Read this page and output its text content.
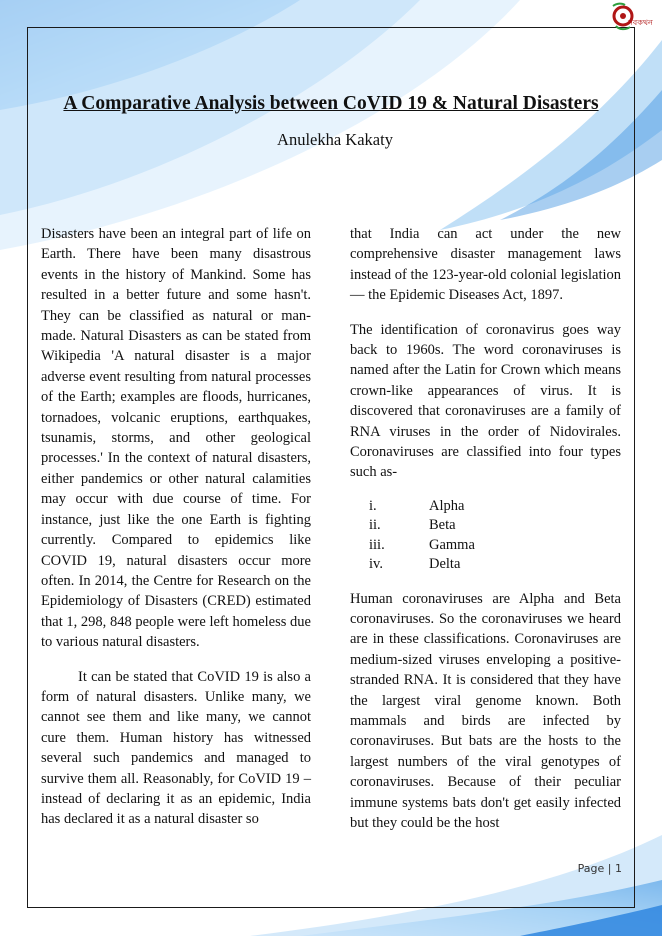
নবকথন
A Comparative Analysis between CoVID 19 & Natural Disasters
Anulekha Kakaty

Disasters have been an integral part of life on Earth. There have been many disastrous events in the history of Mankind. Some has resulted in a better future and some hasn't. They can be classified as natural or man-made. Natural Disasters as can be stated from Wikipedia 'A natural disaster is a major adverse event resulting from natural processes of the Earth; examples are floods, hurricanes, tornadoes, volcanic eruptions, earthquakes, tsunamis, storms, and other geological processes.' In the context of natural disasters, either pandemics or other natural calamities may occur with due course of time. For instance, just like the one Earth is fighting currently. Compared to epidemics like COVID 19, natural disasters occur more often. In 2014, the Centre for Research on the Epidemiology of Disasters (CRED) estimated that 1, 298, 848 people were left homeless due to various natural disasters.

It can be stated that CoVID 19 is also a form of natural disasters. Unlike many, we cannot see them and like many, we cannot cure them. Human history has witnessed several such pandemics and managed to survive them all. Reasonably, for CoVID 19 – instead of declaring it as an epidemic, India has declared it as a natural disaster so

that India can act under the new comprehensive disaster management laws instead of the 123-year-old colonial legislation — the Epidemic Diseases Act, 1897.

The identification of coronavirus goes way back to 1960s. The word coronaviruses is named after the Latin for Crown which means crown-like appearances of virus. It is discovered that coronaviruses are a family of RNA viruses in the order of Nidovirales. Coronaviruses are classified into four types such as-

i.	Alpha
ii.	Beta
iii.	Gamma
iv.	Delta

Human coronaviruses are Alpha and Beta coronaviruses. So the coronaviruses we heard are in these classifications. Coronaviruses are medium-sized viruses enveloping a positive-stranded RNA. It is considered that they have the largest viral genome known. Both mammals and birds are infected by coronaviruses. But bats are the hosts to the largest numbers of the viral genotypes of coronaviruses. Because of their peculiar immune systems bats don't get easily infected but they could be the host

Page | 1
